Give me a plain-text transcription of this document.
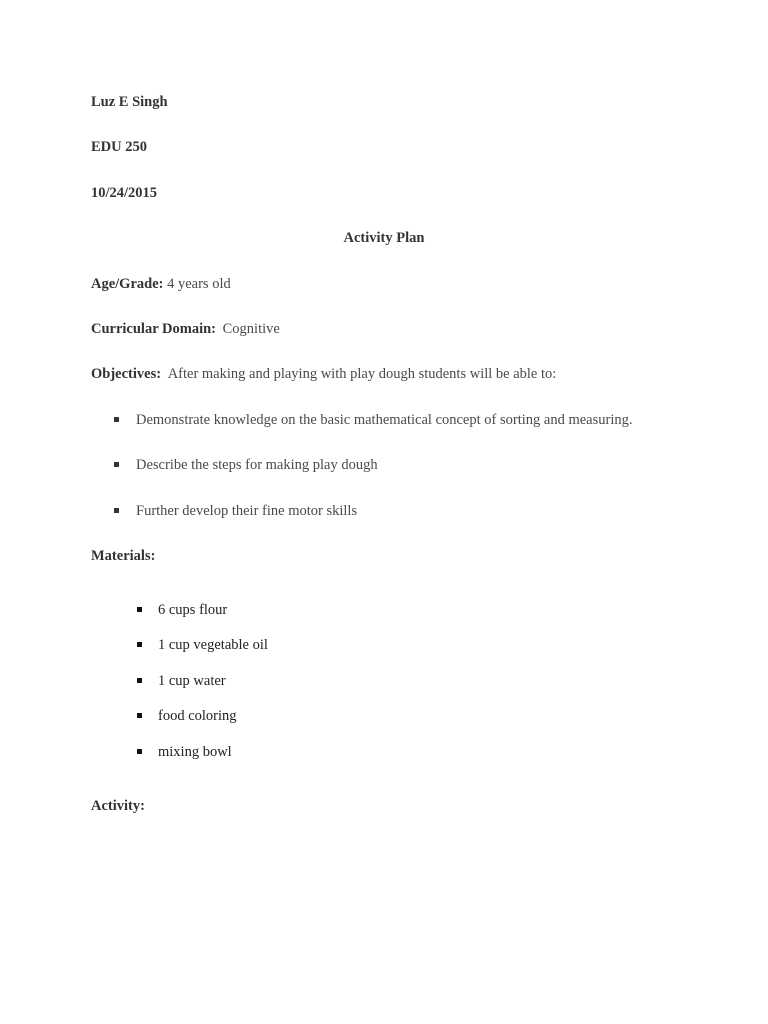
Luz E Singh
EDU 250
10/24/2015
Activity Plan
Age/Grade: 4 years old
Curricular Domain: Cognitive
Objectives: After making and playing with play dough students will be able to:
Demonstrate knowledge on the basic mathematical concept of sorting and measuring.
Describe the steps for making play dough
Further develop their fine motor skills
Materials:
6 cups flour
1 cup vegetable oil
1 cup water
food coloring
mixing bowl
Activity:
